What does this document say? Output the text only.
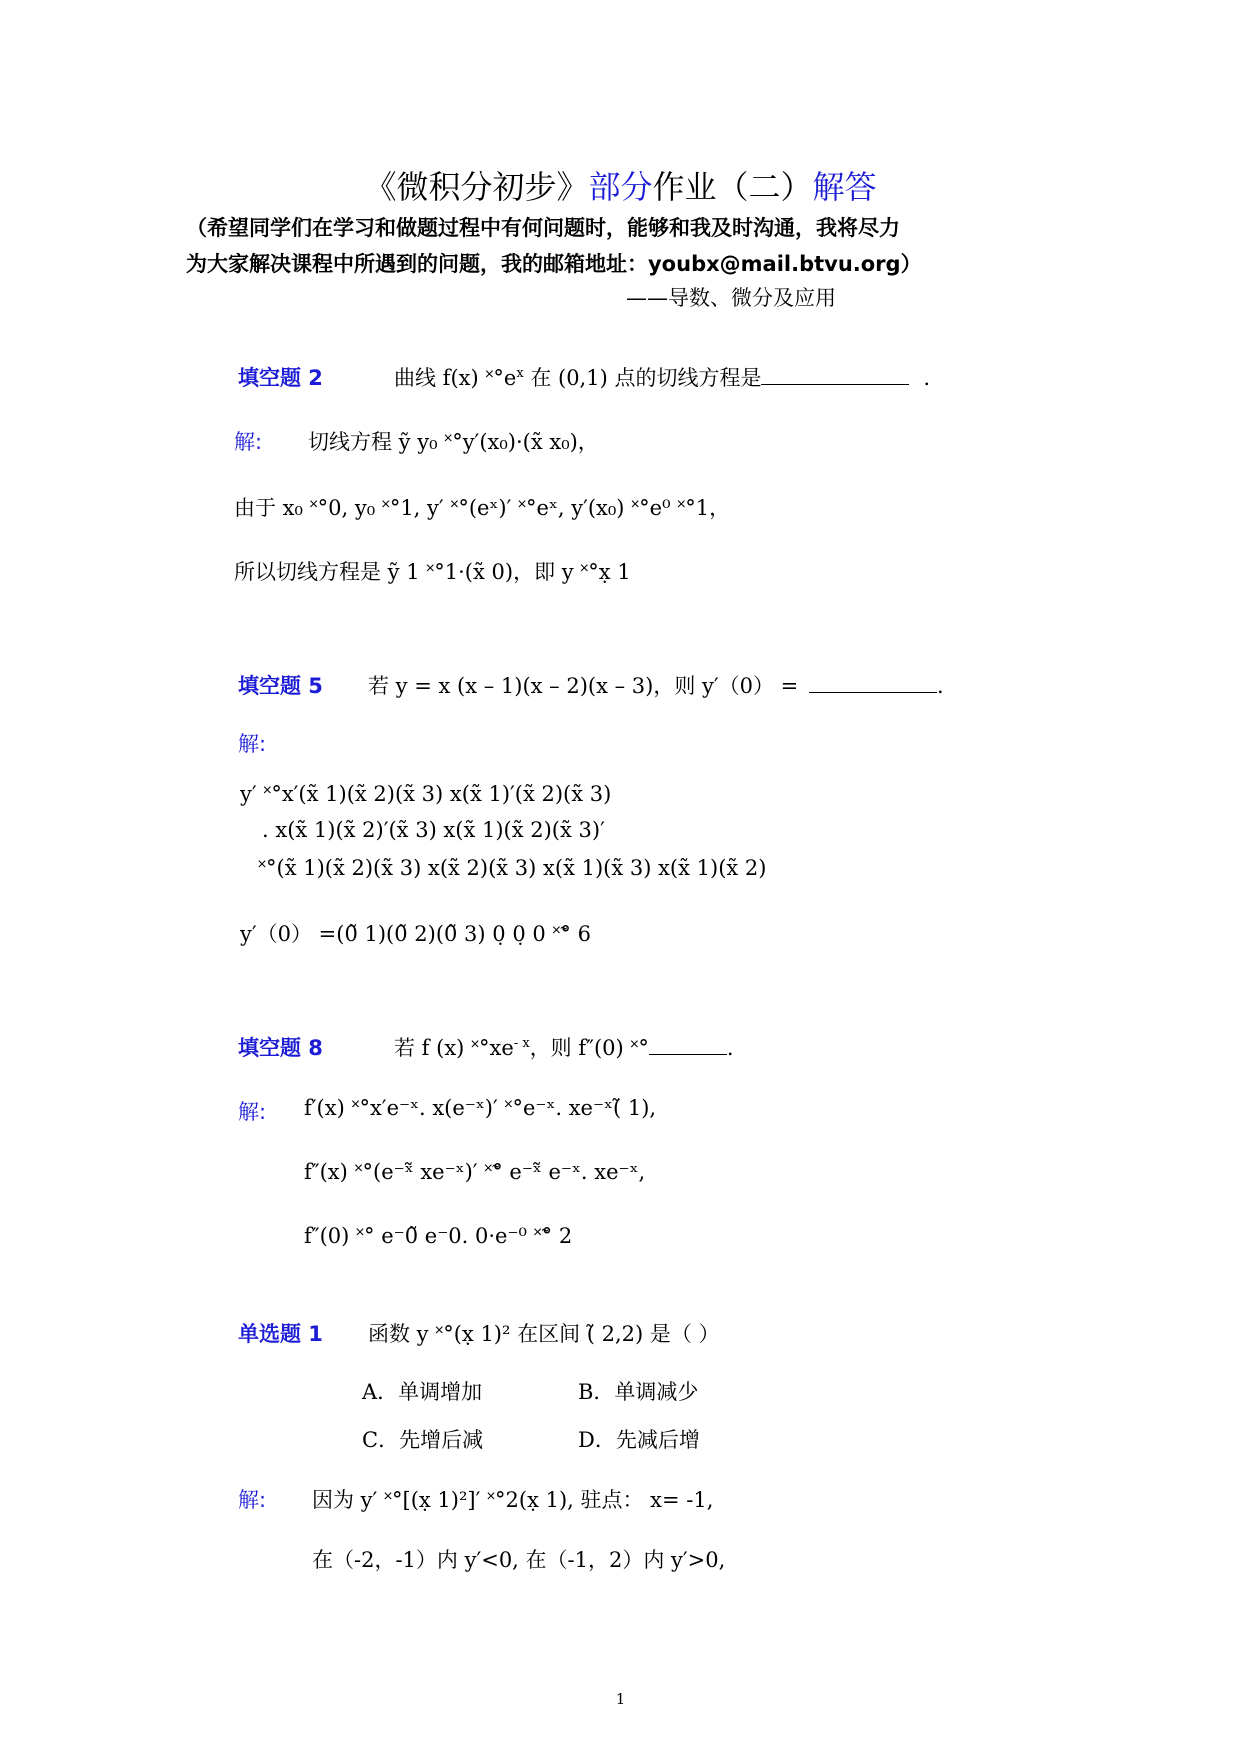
《微积分初步》部分作业（二）解答
（希望同学们在学习和做题过程中有何问题时，能够和我及时沟通，我将尽力
为大家解决课程中所遇到的问题，我的邮箱地址：youbx@mail.btvu.org）
——导数、微分及应用
填空题 2	曲线 f(x) $˟^\circ e^x$ 在 (0,1) 点的切线方程是	．
解: 切线方程 ỹ y₀ ˟°y′(x₀)·(x̃ x₀)，
由于 x₀ ˟°0, y₀ ˟°1, y′ ˟°(eˣ)′ ˟°eˣ, y′(x₀) ˟°e⁰ ˟°1，
所以切线方程是 ỹ 1 ˟°1·(x̃ 0)，即 y ˟°x̣ 1
填空题 5 若 y = x (x – 1)(x – 2)(x – 3)，则 y′（0） =	.
解:
y′ ˟°x′(x̃ 1)(x̃ 2)(x̃ 3) x(x̃ 1)′(x̃ 2)(x̃ 3)
. x(x̃ 1)(x̃ 2)′(x̃ 3) x(x̃ 1)(x̃ 2)(x̃ 3)′
˟°(x̃ 1)(x̃ 2)(x̃ 3) x(x̃ 2)(x̃ 3) x(x̃ 1)(x̃ 3) x(x̃ 1)(x̃ 2)
y′（0） =(0̃ 1)(0̃ 2)(0̃ 3) 0̣ 0̣ 0 ˟̃° 6
填空题 8	若 f (x) $˟^\circ xe^{- x}$，则 f″(0) ˟°	.
解: f′(x) ˟°x′e⁻ˣ. x(e⁻ˣ)′ ˟°e⁻ˣ. xe⁻ˣ(̃ 1),
f″(x) ˟°(e⁻ˣ̃ xe⁻ˣ)′ ˟̃° e⁻ˣ̃ e⁻ˣ. xe⁻ˣ,
f″(0) ˟° e⁻0̃ e⁻0. 0·e⁻⁰ ˟̃° 2
单选题 1 函数 y ˟°(x̣ 1)² 在区间 (̃ 2,2) 是（ ）
A．单调增加	B．单调减少
C．先增后减	D．先减后增
解: 因为 y′ ˟°[(x̣ 1)²]′ ˟°2(x̣ 1), 驻点： x= -1,
在（-2，-1）内 y′<0, 在（-1，2）内 y′>0,
1
